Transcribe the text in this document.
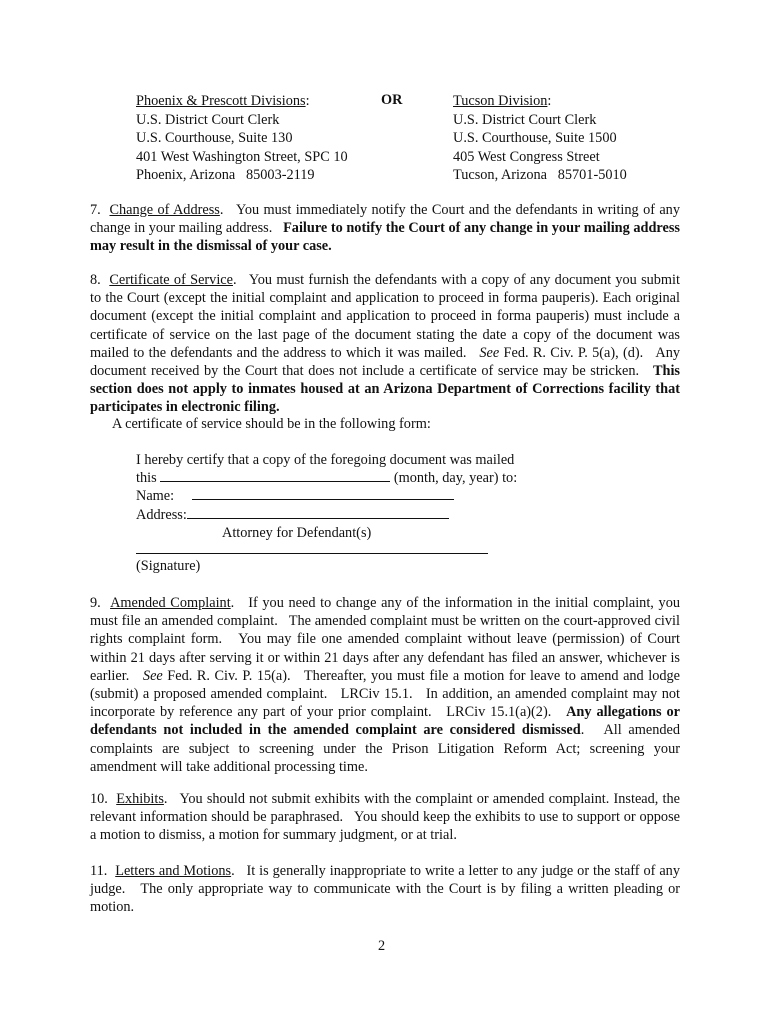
Phoenix & Prescott Divisions:
U.S. District Court Clerk
U.S. Courthouse, Suite 130
401 West Washington Street, SPC 10
Phoenix, Arizona   85003-2119
OR	Tucson Division:
U.S. District Court Clerk
U.S. Courthouse, Suite 1500
405 West Congress Street
Tucson, Arizona   85701-5010
7. Change of Address.   You must immediately notify the Court and the defendants in writing of any change in your mailing address.   Failure to notify the Court of any change in your mailing address may result in the dismissal of your case.
8. Certificate of Service.   You must furnish the defendants with a copy of any document you submit to the Court (except the initial complaint and application to proceed in forma pauperis). Each original document (except the initial complaint and application to proceed in forma pauperis) must include a certificate of service on the last page of the document stating the date a copy of the document was mailed to the defendants and the address to which it was mailed.   See Fed. R. Civ. P. 5(a), (d).   Any document received by the Court that does not include a certificate of service may be stricken.   This section does not apply to inmates housed at an Arizona Department of Corrections facility that participates in electronic filing.
A certificate of service should be in the following form:
I hereby certify that a copy of the foregoing document was mailed
this	(month, day, year) to:
Name:
Address:
Attorney for Defendant(s)
(Signature)
9. Amended Complaint.   If you need to change any of the information in the initial complaint, you must file an amended complaint.   The amended complaint must be written on the court-approved civil rights complaint form.   You may file one amended complaint without leave (permission) of Court within 21 days after serving it or within 21 days after any defendant has filed an answer, whichever is earlier.   See Fed. R. Civ. P. 15(a).   Thereafter, you must file a motion for leave to amend and lodge (submit) a proposed amended complaint.   LRCiv 15.1.   In addition, an amended complaint may not incorporate by reference any part of your prior complaint.   LRCiv 15.1(a)(2).   Any allegations or defendants not included in the amended complaint are considered dismissed.   All amended complaints are subject to screening under the Prison Litigation Reform Act; screening your amendment will take additional processing time.
10. Exhibits.   You should not submit exhibits with the complaint or amended complaint. Instead, the relevant information should be paraphrased.   You should keep the exhibits to use to support or oppose a motion to dismiss, a motion for summary judgment, or at trial.
11. Letters and Motions.   It is generally inappropriate to write a letter to any judge or the staff of any judge.   The only appropriate way to communicate with the Court is by filing a written pleading or motion.
2
